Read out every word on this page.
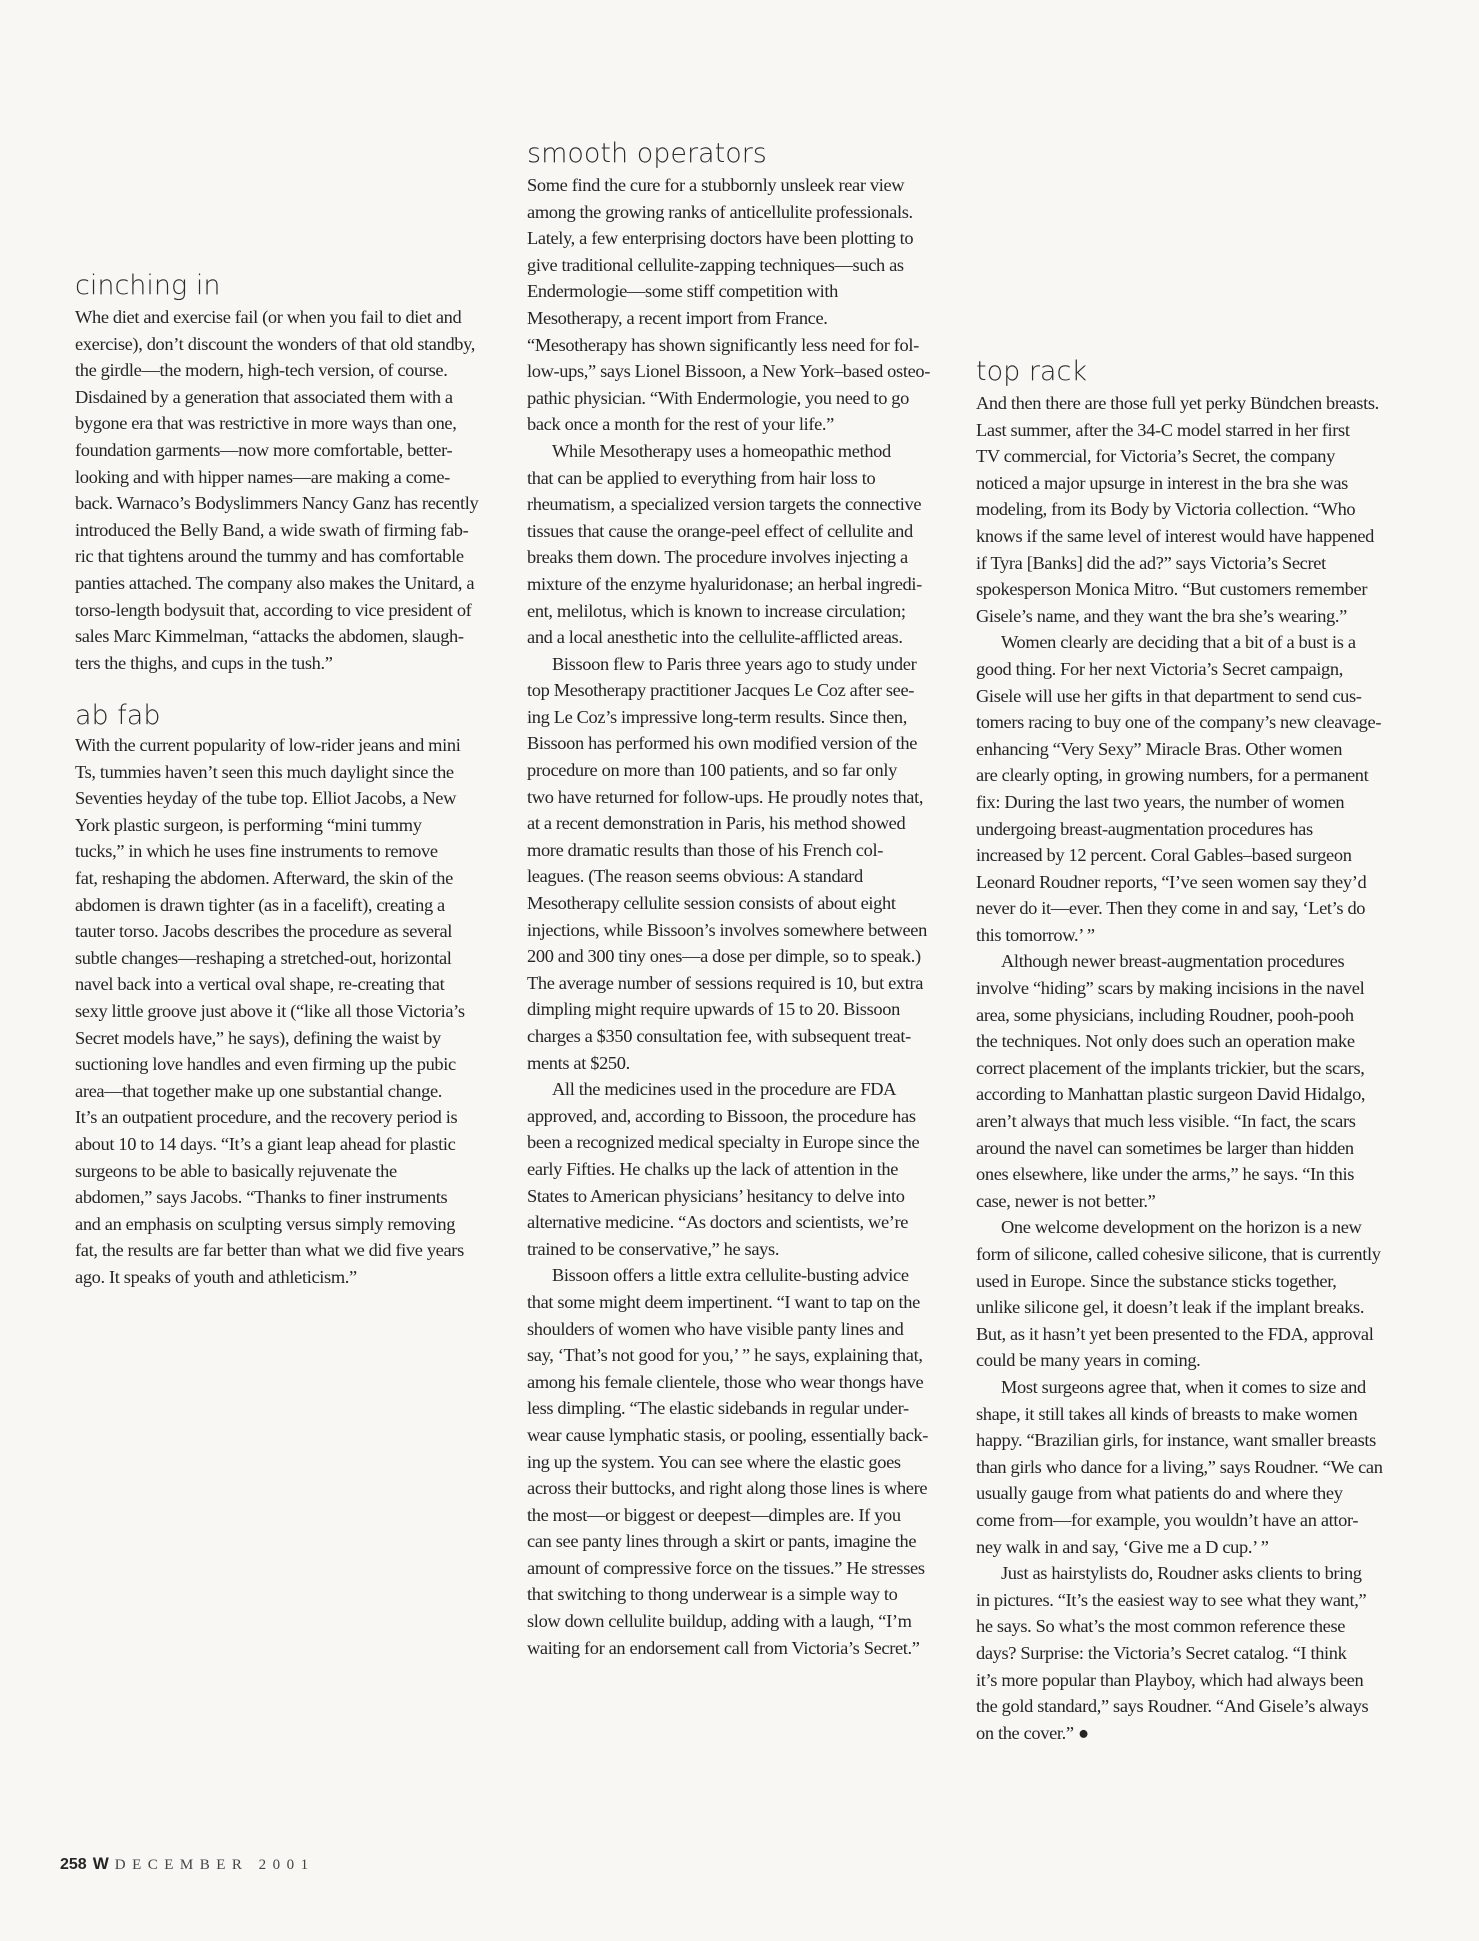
cinching in
Whe diet and exercise fail (or when you fail to diet and
exercise), don’t discount the wonders of that old standby,
the girdle—the modern, high-tech version, of course.
Disdained by a generation that associated them with a
bygone era that was restrictive in more ways than one,
foundation garments—now more comfortable, better-
looking and with hipper names—are making a come-
back. Warnaco’s Bodyslimmers Nancy Ganz has recently
introduced the Belly Band, a wide swath of firming fab-
ric that tightens around the tummy and has comfortable
panties attached. The company also makes the Unitard, a
torso-length bodysuit that, according to vice president of
sales Marc Kimmelman, “attacks the abdomen, slaugh-
ters the thighs, and cups in the tush.”
ab fab
With the current popularity of low-rider jeans and mini
Ts, tummies haven’t seen this much daylight since the
Seventies heyday of the tube top. Elliot Jacobs, a New
York plastic surgeon, is performing “mini tummy
tucks,” in which he uses fine instruments to remove
fat, reshaping the abdomen. Afterward, the skin of the
abdomen is drawn tighter (as in a facelift), creating a
tauter torso. Jacobs describes the procedure as several
subtle changes—reshaping a stretched-out, horizontal
navel back into a vertical oval shape, re-creating that
sexy little groove just above it (“like all those Victoria’s
Secret models have,” he says), defining the waist by
suctioning love handles and even firming up the pubic
area—that together make up one substantial change.
It’s an outpatient procedure, and the recovery period is
about 10 to 14 days. “It’s a giant leap ahead for plastic
surgeons to be able to basically rejuvenate the
abdomen,” says Jacobs. “Thanks to finer instruments
and an emphasis on sculpting versus simply removing
fat, the results are far better than what we did five years
ago. It speaks of youth and athleticism.”
smooth operators
Some find the cure for a stubbornly unsleek rear view
among the growing ranks of anticellulite professionals.
Lately, a few enterprising doctors have been plotting to
give traditional cellulite-zapping techniques—such as
Endermologie—some stiff competition with
Mesotherapy, a recent import from France.
“Mesotherapy has shown significantly less need for fol-
low-ups,” says Lionel Bissoon, a New York–based osteo-
pathic physician. “With Endermologie, you need to go
back once a month for the rest of your life.”
While Mesotherapy uses a homeopathic method
that can be applied to everything from hair loss to
rheumatism, a specialized version targets the connective
tissues that cause the orange-peel effect of cellulite and
breaks them down. The procedure involves injecting a
mixture of the enzyme hyaluridonase; an herbal ingredi-
ent, melilotus, which is known to increase circulation;
and a local anesthetic into the cellulite-afflicted areas.
Bissoon flew to Paris three years ago to study under
top Mesotherapy practitioner Jacques Le Coz after see-
ing Le Coz’s impressive long-term results. Since then,
Bissoon has performed his own modified version of the
procedure on more than 100 patients, and so far only
two have returned for follow-ups. He proudly notes that,
at a recent demonstration in Paris, his method showed
more dramatic results than those of his French col-
leagues. (The reason seems obvious: A standard
Mesotherapy cellulite session consists of about eight
injections, while Bissoon’s involves somewhere between
200 and 300 tiny ones—a dose per dimple, so to speak.)
The average number of sessions required is 10, but extra
dimpling might require upwards of 15 to 20. Bissoon
charges a $350 consultation fee, with subsequent treat-
ments at $250.
All the medicines used in the procedure are FDA
approved, and, according to Bissoon, the procedure has
been a recognized medical specialty in Europe since the
early Fifties. He chalks up the lack of attention in the
States to American physicians’ hesitancy to delve into
alternative medicine. “As doctors and scientists, we’re
trained to be conservative,” he says.
Bissoon offers a little extra cellulite-busting advice
that some might deem impertinent. “I want to tap on the
shoulders of women who have visible panty lines and
say, ‘That’s not good for you,’ ” he says, explaining that,
among his female clientele, those who wear thongs have
less dimpling. “The elastic sidebands in regular under-
wear cause lymphatic stasis, or pooling, essentially back-
ing up the system. You can see where the elastic goes
across their buttocks, and right along those lines is where
the most—or biggest or deepest—dimples are. If you
can see panty lines through a skirt or pants, imagine the
amount of compressive force on the tissues.” He stresses
that switching to thong underwear is a simple way to
slow down cellulite buildup, adding with a laugh, “I’m
waiting for an endorsement call from Victoria’s Secret.”
top rack
And then there are those full yet perky Bündchen breasts.
Last summer, after the 34-C model starred in her first
TV commercial, for Victoria’s Secret, the company
noticed a major upsurge in interest in the bra she was
modeling, from its Body by Victoria collection. “Who
knows if the same level of interest would have happened
if Tyra [Banks] did the ad?” says Victoria’s Secret
spokesperson Monica Mitro. “But customers remember
Gisele’s name, and they want the bra she’s wearing.”
Women clearly are deciding that a bit of a bust is a
good thing. For her next Victoria’s Secret campaign,
Gisele will use her gifts in that department to send cus-
tomers racing to buy one of the company’s new cleavage-
enhancing “Very Sexy” Miracle Bras. Other women
are clearly opting, in growing numbers, for a permanent
fix: During the last two years, the number of women
undergoing breast-augmentation procedures has
increased by 12 percent. Coral Gables–based surgeon
Leonard Roudner reports, “I’ve seen women say they’d
never do it—ever. Then they come in and say, ‘Let’s do
this tomorrow.’ ”
Although newer breast-augmentation procedures
involve “hiding” scars by making incisions in the navel
area, some physicians, including Roudner, pooh-pooh
the techniques. Not only does such an operation make
correct placement of the implants trickier, but the scars,
according to Manhattan plastic surgeon David Hidalgo,
aren’t always that much less visible. “In fact, the scars
around the navel can sometimes be larger than hidden
ones elsewhere, like under the arms,” he says. “In this
case, newer is not better.”
One welcome development on the horizon is a new
form of silicone, called cohesive silicone, that is currently
used in Europe. Since the substance sticks together,
unlike silicone gel, it doesn’t leak if the implant breaks.
But, as it hasn’t yet been presented to the FDA, approval
could be many years in coming.
Most surgeons agree that, when it comes to size and
shape, it still takes all kinds of breasts to make women
happy. “Brazilian girls, for instance, want smaller breasts
than girls who dance for a living,” says Roudner. “We can
usually gauge from what patients do and where they
come from—for example, you wouldn’t have an attor-
ney walk in and say, ‘Give me a D cup.’ ”
Just as hairstylists do, Roudner asks clients to bring
in pictures. “It’s the easiest way to see what they want,”
he says. So what’s the most common reference these
days? Surprise: the Victoria’s Secret catalog. “I think
it’s more popular than Playboy, which had always been
the gold standard,” says Roudner. “And Gisele’s always
on the cover.” ●
258 W DECEMBER 2001
